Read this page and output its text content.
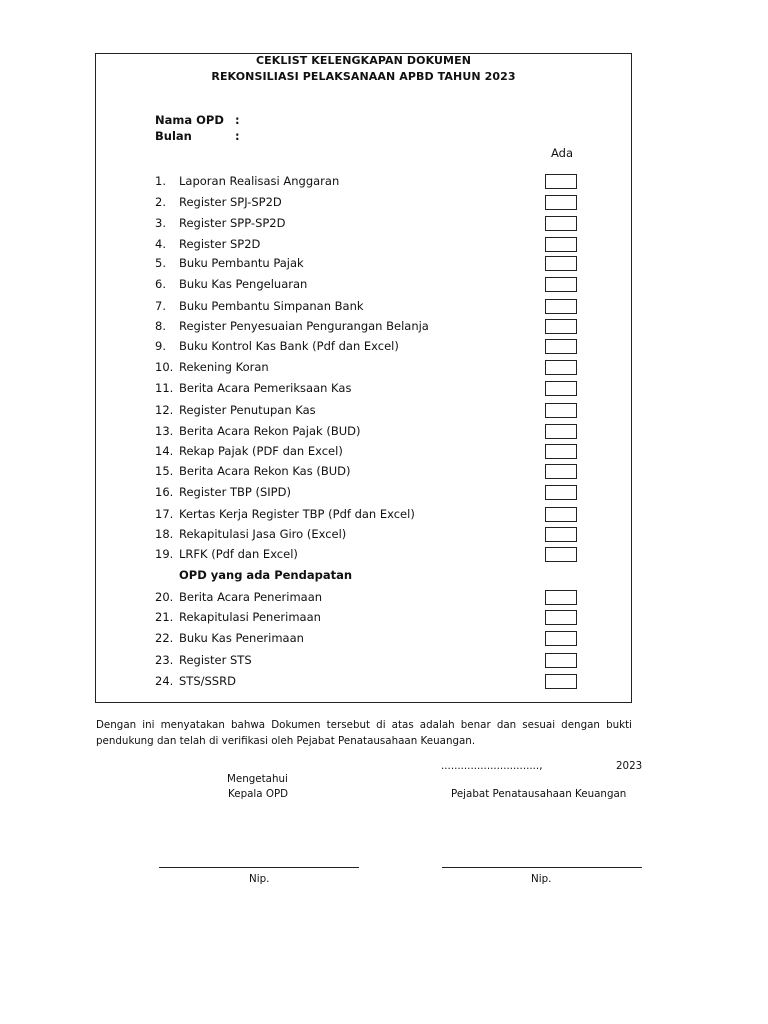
CEKLIST KELENGKAPAN DOKUMEN
REKONSILIASI PELAKSANAAN APBD TAHUN 2023
Nama OPD :
Bulan	:
Ada
1.	Laporan Realisasi Anggaran
2.	Register SPJ-SP2D
3.	Register SPP-SP2D
4.	Register SP2D
5.	Buku Pembantu Pajak
6.	Buku Kas Pengeluaran
7.	Buku Pembantu Simpanan Bank
8.	Register Penyesuaian Pengurangan Belanja
9.	Buku Kontrol Kas Bank (Pdf dan Excel)
10. Rekening Koran
11. Berita Acara Pemeriksaan Kas
12. Register Penutupan Kas
13. Berita Acara Rekon Pajak (BUD)
14. Rekap Pajak (PDF dan Excel)
15. Berita Acara Rekon Kas (BUD)
16. Register TBP (SIPD)
17. Kertas Kerja Register TBP (Pdf dan Excel)
18. Rekapitulasi Jasa Giro (Excel)
19. LRFK (Pdf dan Excel)
20. Berita Acara Penerimaan
21. Rekapitulasi Penerimaan
22. Buku Kas Penerimaan
23. Register STS
24. STS/SSRD
OPD yang ada Pendapatan
Dengan ini menyatakan bahwa Dokumen tersebut di atas adalah benar dan sesuai dengan bukti pendukung dan telah di verifikasi oleh Pejabat Penatausahaan Keuangan.
..............................,	2023
Mengetahui
Kepala OPD	Pejabat Penatausahaan Keuangan
Nip.	Nip.
